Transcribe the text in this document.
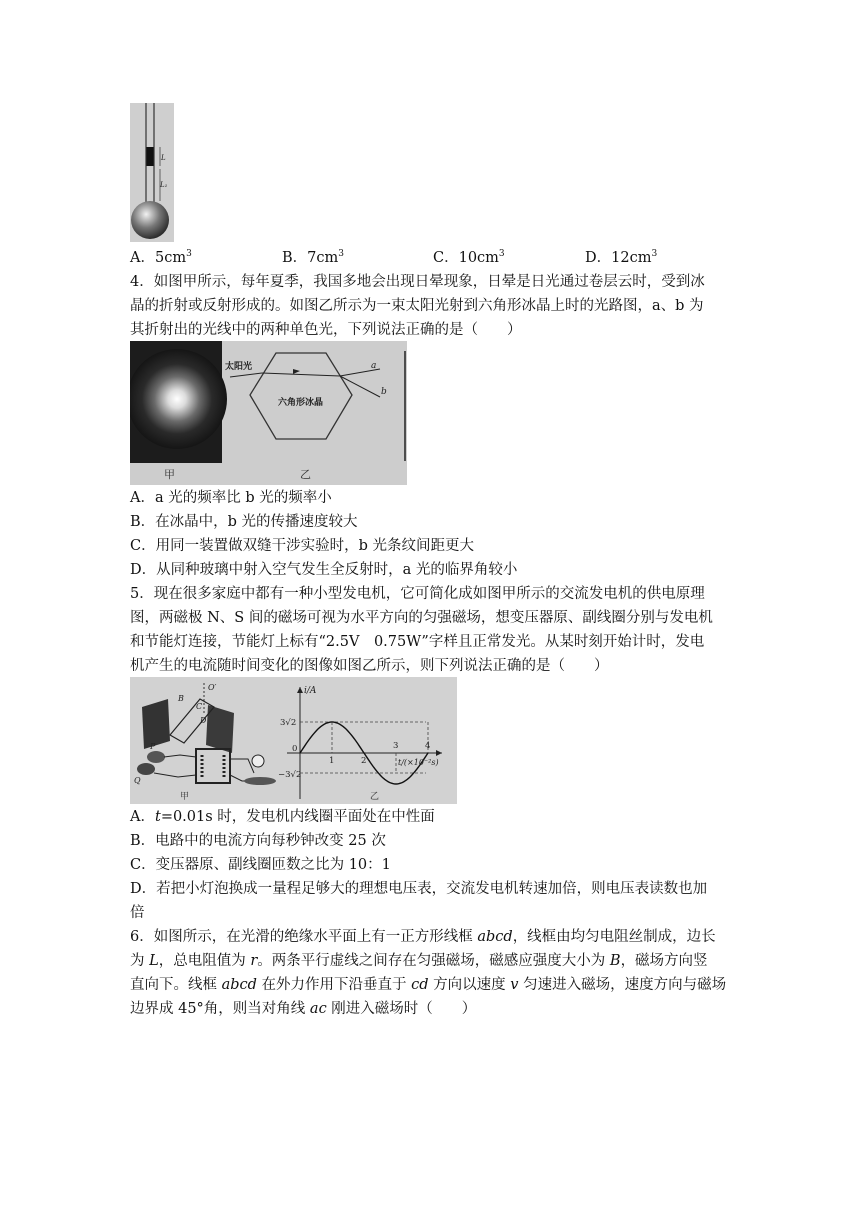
L
L₁
A．$5cm^3$	B．$7cm^3$	C．$10cm^3$	D．$12cm^3$
4．如图甲所示，每年夏季，我国多地会出现日晕现象，日晕是日光通过卷层云时，受到冰
晶的折射或反射形成的。如图乙所示为一束太阳光射到六角形冰晶上时的光路图，a、b 为
其折射出的光线中的两种单色光，下列说法正确的是（　　）
甲
太阳光
六角形冰晶
a
b
乙
A．a 光的频率比 b 光的频率小
B．在冰晶中，b 光的传播速度较大
C．用同一装置做双缝干涉实验时，b 光条纹间距更大
D．从同种玻璃中射入空气发生全反射时，a 光的临界角较小
5．现在很多家庭中都有一种小型发电机，它可简化成如图甲所示的交流发电机的供电原理
图，两磁极 N、S 间的磁场可视为水平方向的匀强磁场，想变压器原、副线圈分别与发电机
和节能灯连接，节能灯上标有“2.5V　0.75W”字样且正常发光。从某时刻开始计时，发电
机产生的电流随时间变化的图像如图乙所示，则下列说法正确的是（　　）
O′
B
C
D
P
Q
甲
i/A
3√2
0
−3√2
1	2
3	4
t/(×10⁻²s)
乙
A．t=0.01s 时，发电机内线圈平面处在中性面
B．电路中的电流方向每秒钟改变 25 次
C．变压器原、副线圈匝数之比为 10：1
D．若把小灯泡换成一量程足够大的理想电压表，交流发电机转速加倍，则电压表读数也加
倍
6．如图所示，在光滑的绝缘水平面上有一正方形线框 abcd，线框由均匀电阻丝制成，边长
为 L，总电阻值为 r。两条平行虚线之间存在匀强磁场，磁感应强度大小为 B，磁场方向竖
直向下。线框 abcd 在外力作用下沿垂直于 cd 方向以速度 v 匀速进入磁场，速度方向与磁场
边界成 45°角，则当对角线 ac 刚进入磁场时（　　）
